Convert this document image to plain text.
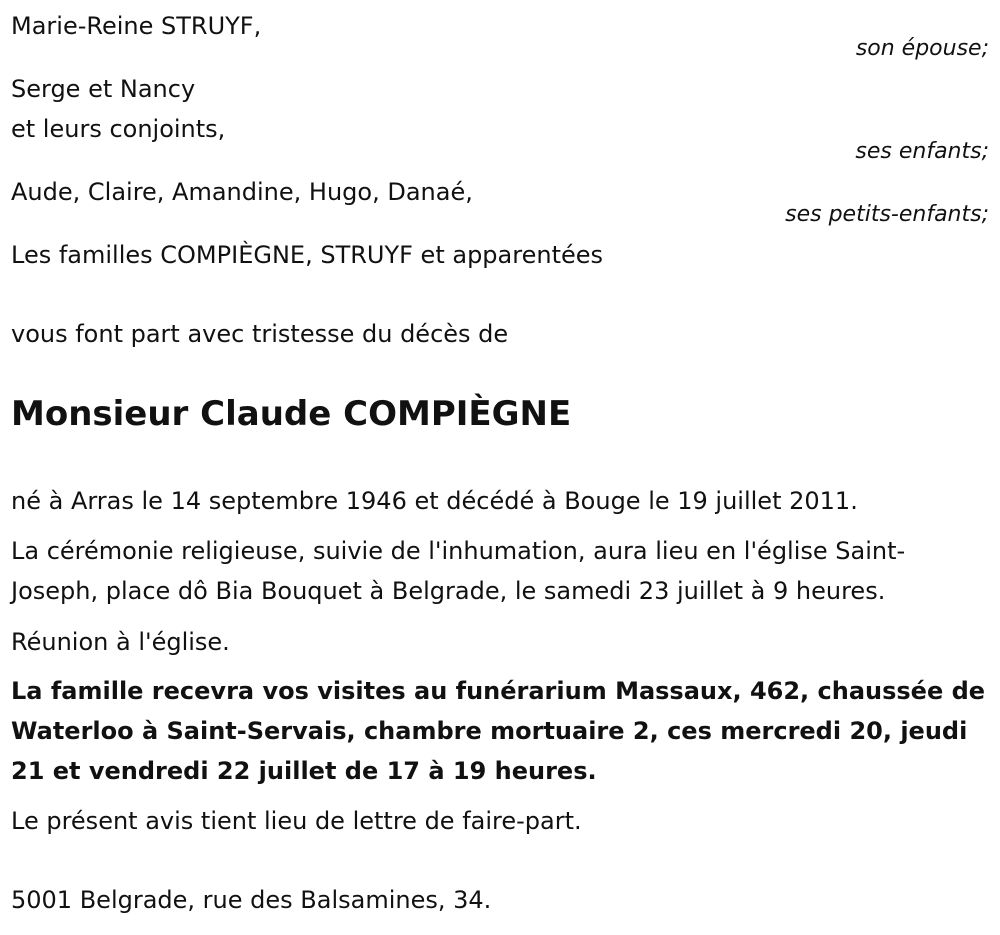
Marie-Reine STRUYF,

son épouse;

Serge et Nancy

et leurs conjoints,

ses enfants;

Aude, Claire, Amandine, Hugo, Danaé,

ses petits-enfants;

Les familles COMPIÈGNE, STRUYF et apparentées

vous font part avec tristesse du décès de

Monsieur Claude COMPIÈGNE

né à Arras le 14 septembre 1946 et décédé à Bouge le 19 juillet 2011.

La cérémonie religieuse, suivie de l'inhumation, aura lieu en l'église Saint-Joseph, place dô Bia Bouquet à Belgrade, le samedi 23 juillet à 9 heures.

Réunion à l'église.

La famille recevra vos visites au funérarium Massaux, 462, chaussée de Waterloo à Saint-Servais, chambre mortuaire 2, ces mercredi 20, jeudi 21 et vendredi 22 juillet de 17 à 19 heures.

Le présent avis tient lieu de lettre de faire-part.

5001 Belgrade, rue des Balsamines, 34.
